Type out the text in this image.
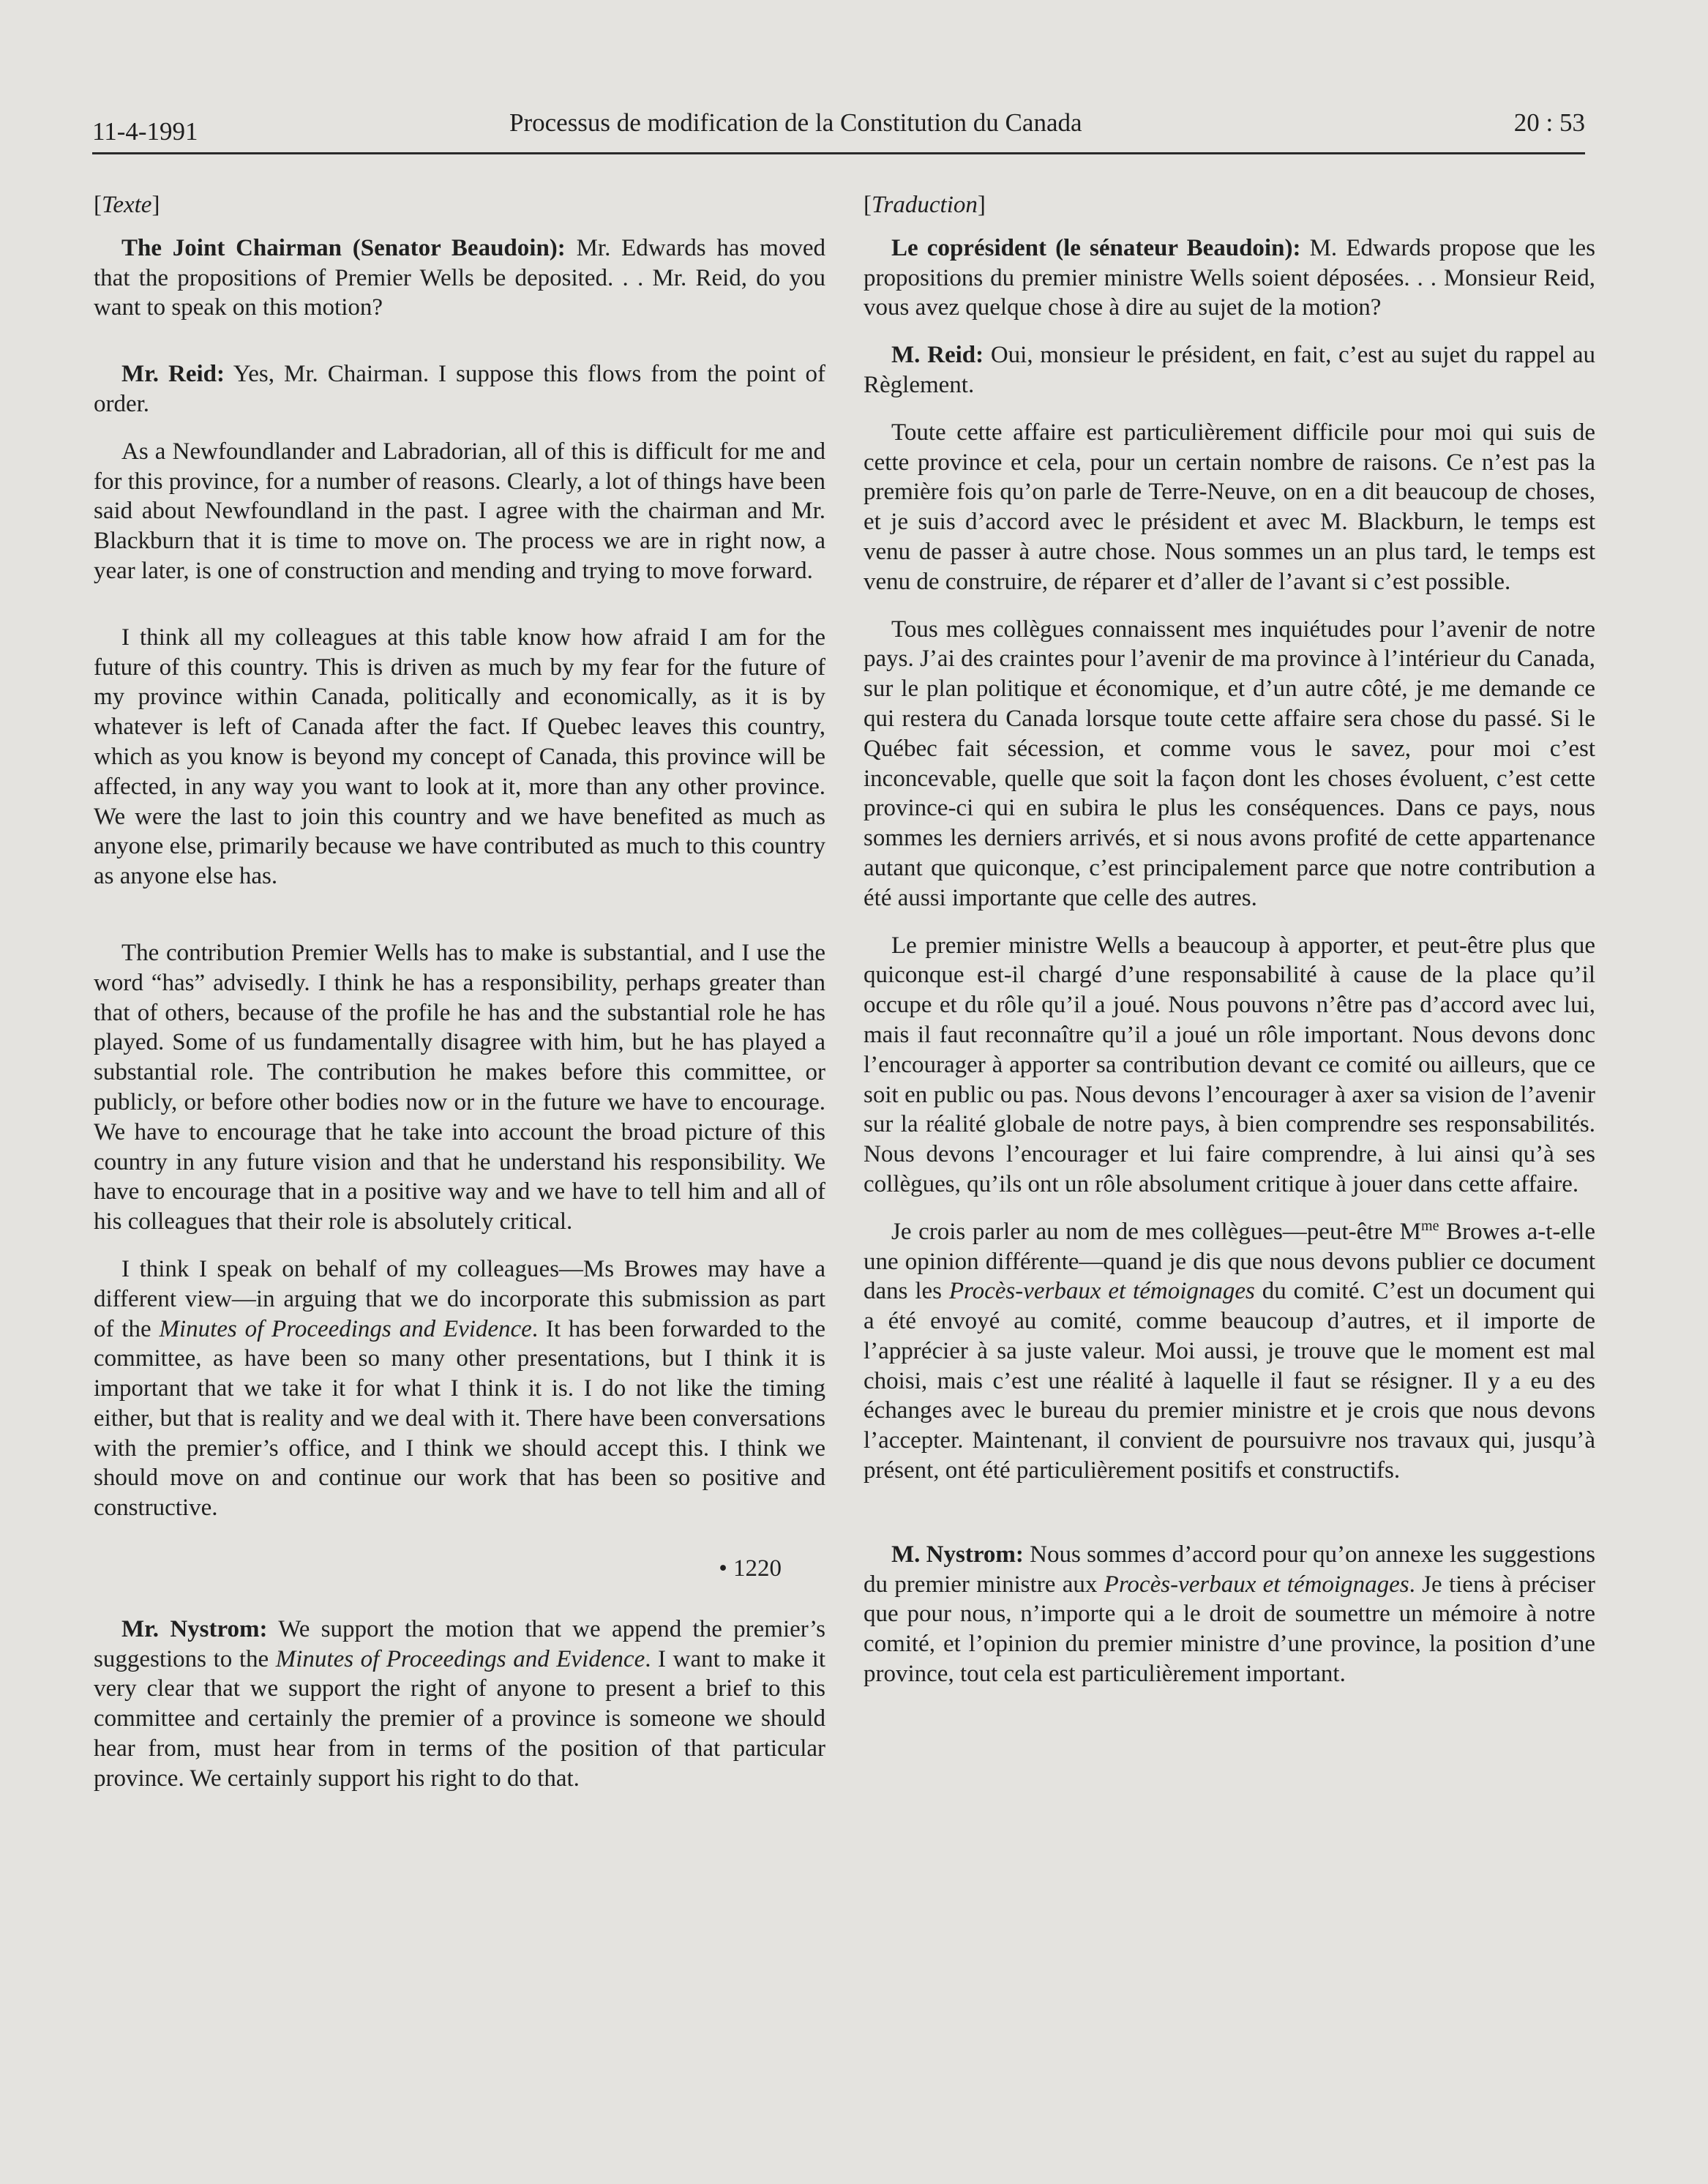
11-4-1991	Processus de modification de la Constitution du Canada	20 : 53

[Texte]

The Joint Chairman (Senator Beaudoin): Mr. Edwards has moved that the propositions of Premier Wells be deposited. . . Mr. Reid, do you want to speak on this motion?

Mr. Reid: Yes, Mr. Chairman. I suppose this flows from the point of order.

As a Newfoundlander and Labradorian, all of this is difficult for me and for this province, for a number of reasons. Clearly, a lot of things have been said about Newfoundland in the past. I agree with the chairman and Mr. Blackburn that it is time to move on. The process we are in right now, a year later, is one of construction and mending and trying to move forward.

I think all my colleagues at this table know how afraid I am for the future of this country. This is driven as much by my fear for the future of my province within Canada, politically and economically, as it is by whatever is left of Canada after the fact. If Quebec leaves this country, which as you know is beyond my concept of Canada, this province will be affected, in any way you want to look at it, more than any other province. We were the last to join this country and we have benefited as much as anyone else, primarily because we have contributed as much to this country as anyone else has.

The contribution Premier Wells has to make is substantial, and I use the word “has” advisedly. I think he has a responsibility, perhaps greater than that of others, because of the profile he has and the substantial role he has played. Some of us fundamentally disagree with him, but he has played a substantial role. The contribution he makes before this committee, or publicly, or before other bodies now or in the future we have to encourage. We have to encourage that he take into account the broad picture of this country in any future vision and that he understand his responsibility. We have to encourage that in a positive way and we have to tell him and all of his colleagues that their role is absolutely critical.

I think I speak on behalf of my colleagues—Ms Browes may have a different view—in arguing that we do incorporate this submission as part of the Minutes of Proceedings and Evidence. It has been forwarded to the committee, as have been so many other presentations, but I think it is important that we take it for what I think it is. I do not like the timing either, but that is reality and we deal with it. There have been conversations with the premier’s office, and I think we should accept this. I think we should move on and continue our work that has been so positive and constructive.

• 1220

Mr. Nystrom: We support the motion that we append the premier’s suggestions to the Minutes of Proceedings and Evidence. I want to make it very clear that we support the right of anyone to present a brief to this committee and certainly the premier of a province is someone we should hear from, must hear from in terms of the position of that particular province. We certainly support his right to do that.

[Traduction]

Le coprésident (le sénateur Beaudoin): M. Edwards propose que les propositions du premier ministre Wells soient déposées. . . Monsieur Reid, vous avez quelque chose à dire au sujet de la motion?

M. Reid: Oui, monsieur le président, en fait, c’est au sujet du rappel au Règlement.

Toute cette affaire est particulièrement difficile pour moi qui suis de cette province et cela, pour un certain nombre de raisons. Ce n’est pas la première fois qu’on parle de Terre-Neuve, on en a dit beaucoup de choses, et je suis d’accord avec le président et avec M. Blackburn, le temps est venu de passer à autre chose. Nous sommes un an plus tard, le temps est venu de construire, de réparer et d’aller de l’avant si c’est possible.

Tous mes collègues connaissent mes inquiétudes pour l’avenir de notre pays. J’ai des craintes pour l’avenir de ma province à l’intérieur du Canada, sur le plan politique et économique, et d’un autre côté, je me demande ce qui restera du Canada lorsque toute cette affaire sera chose du passé. Si le Québec fait sécession, et comme vous le savez, pour moi c’est inconcevable, quelle que soit la façon dont les choses évoluent, c’est cette province-ci qui en subira le plus les conséquences. Dans ce pays, nous sommes les derniers arrivés, et si nous avons profité de cette appartenance autant que quiconque, c’est principalement parce que notre contribution a été aussi importante que celle des autres.

Le premier ministre Wells a beaucoup à apporter, et peut-être plus que quiconque est-il chargé d’une responsabilité à cause de la place qu’il occupe et du rôle qu’il a joué. Nous pouvons n’être pas d’accord avec lui, mais il faut reconnaître qu’il a joué un rôle important. Nous devons donc l’encourager à apporter sa contribution devant ce comité ou ailleurs, que ce soit en public ou pas. Nous devons l’encourager à axer sa vision de l’avenir sur la réalité globale de notre pays, à bien comprendre ses responsabilités. Nous devons l’encourager et lui faire comprendre, à lui ainsi qu’à ses collègues, qu’ils ont un rôle absolument critique à jouer dans cette affaire.

Je crois parler au nom de mes collègues—peut-être $M^{me}$ Browes a-t-elle une opinion différente—quand je dis que nous devons publier ce document dans les Procès-verbaux et témoignages du comité. C’est un document qui a été envoyé au comité, comme beaucoup d’autres, et il importe de l’apprécier à sa juste valeur. Moi aussi, je trouve que le moment est mal choisi, mais c’est une réalité à laquelle il faut se résigner. Il y a eu des échanges avec le bureau du premier ministre et je crois que nous devons l’accepter. Maintenant, il convient de poursuivre nos travaux qui, jusqu’à présent, ont été particulièrement positifs et constructifs.

M. Nystrom: Nous sommes d’accord pour qu’on annexe les suggestions du premier ministre aux Procès-verbaux et témoignages. Je tiens à préciser que pour nous, n’importe qui a le droit de soumettre un mémoire à notre comité, et l’opinion du premier ministre d’une province, la position d’une province, tout cela est particulièrement important.
